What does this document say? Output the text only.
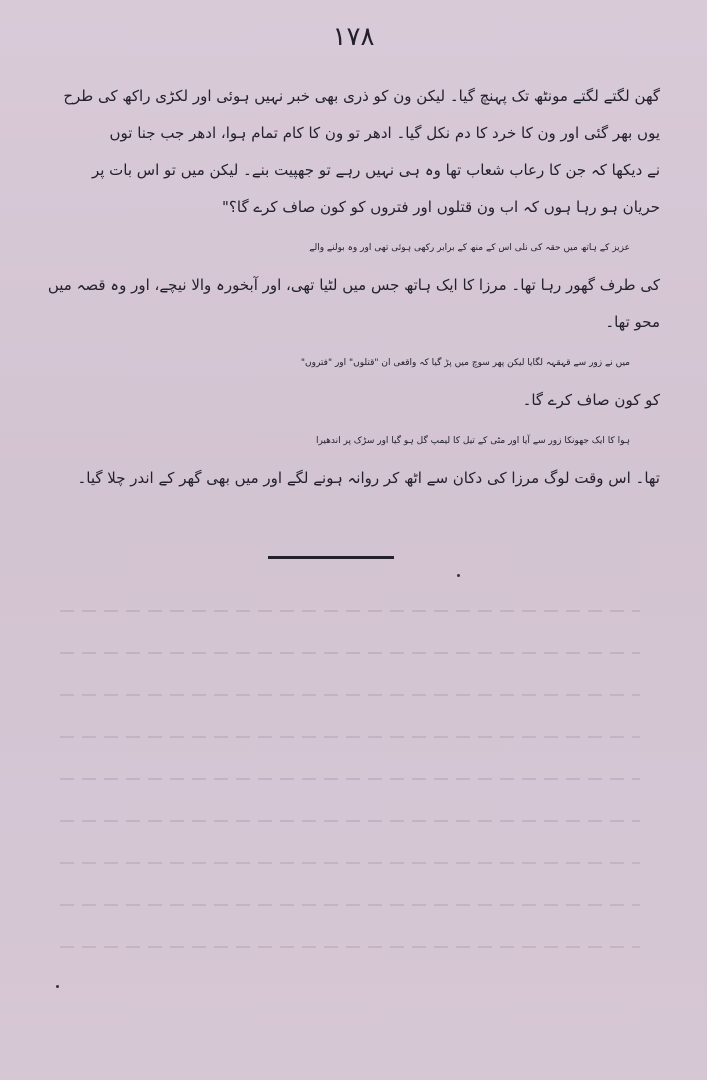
۱۷۸
گھن لگتے لگتے مونٹھ تک پہنچ گیا۔ لیکن ون کو ذری بھی خبر نہیں ہوئی اور لکڑی راکھ کی طرح
یوں بھر گئی اور ون کا خرد کا دم نکل گیا۔ ادھر تو ون کا کام تمام ہوا، ادھر جب جنا توں
نے دیکھا کہ جن کا رعاب شعاب تھا وہ ہی نہیں رہے تو جھپیت بنے۔ لیکن میں تو اس بات پر
حریان ہو رہا ہوں کہ اب ون قتلوں اور فتروں کو کون صاف کرے گا؟"
عزیز کے ہاتھ میں حقہ کی نلی اس کے منھ کے برابر رکھی ہوئی تھی اور وہ بولنے والے
کی طرف گھور رہا تھا۔ مرزا کا ایک ہاتھ جس میں لٹیا تھی، اور آبخورہ والا نیچے، اور وہ قصہ میں
محو تھا۔
میں نے زور سے قہقہہ لگایا لیکن پھر سوچ میں پڑ گیا کہ واقعی ان "قتلوں" اور "فتروں"
کو کون صاف کرے گا۔
ہوا کا ایک جھونکا زور سے آیا اور مٹی کے تیل کا لیمپ گل ہو گیا اور سڑک پر اندھیرا
تھا۔ اس وقت لوگ مرزا کی دکان سے اٹھ کر روانہ ہونے لگے اور میں بھی گھر کے اندر چلا گیا۔
